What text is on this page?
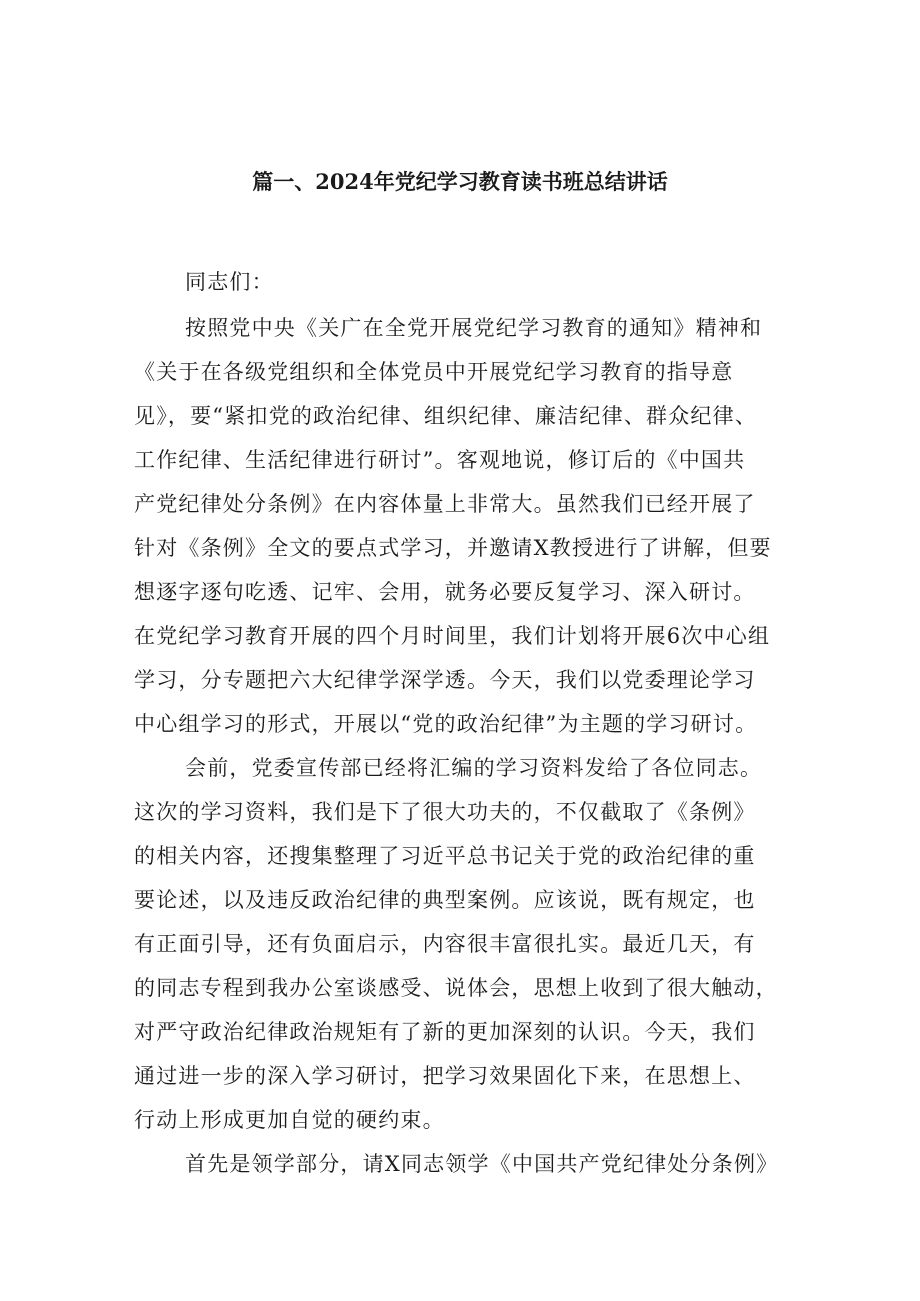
篇一、2024年党纪学习教育读书班总结讲话
同志们：
按照党中央《关广在全党开展党纪学习教育的通知》精神和
《关于在各级党组织和全体党员中开展党纪学习教育的指导意
见》，要“紧扣党的政治纪律、组织纪律、廉洁纪律、群众纪律、
工作纪律、生活纪律进行研讨”。客观地说，修订后的《中国共
产党纪律处分条例》在内容体量上非常大。虽然我们已经开展了
针对《条例》全文的要点式学习，并邀请X教授进行了讲解，但要
想逐字逐句吃透、记牢、会用，就务必要反复学习、深入研讨。
在党纪学习教育开展的四个月时间里，我们计划将开展6次中心组
学习，分专题把六大纪律学深学透。今天，我们以党委理论学习
中心组学习的形式，开展以“党的政治纪律”为主题的学习研讨。
会前，党委宣传部已经将汇编的学习资料发给了各位同志。
这次的学习资料，我们是下了很大功夫的，不仅截取了《条例》
的相关内容，还搜集整理了习近平总书记关于党的政治纪律的重
要论述，以及违反政治纪律的典型案例。应该说，既有规定，也
有正面引导，还有负面启示，内容很丰富很扎实。最近几天，有
的同志专程到我办公室谈感受、说体会，思想上收到了很大触动，
对严守政治纪律政治规矩有了新的更加深刻的认识。今天，我们
通过进一步的深入学习研讨，把学习效果固化下来，在思想上、
行动上形成更加自觉的硬约束。
首先是领学部分，请X同志领学《中国共产党纪律处分条例》
